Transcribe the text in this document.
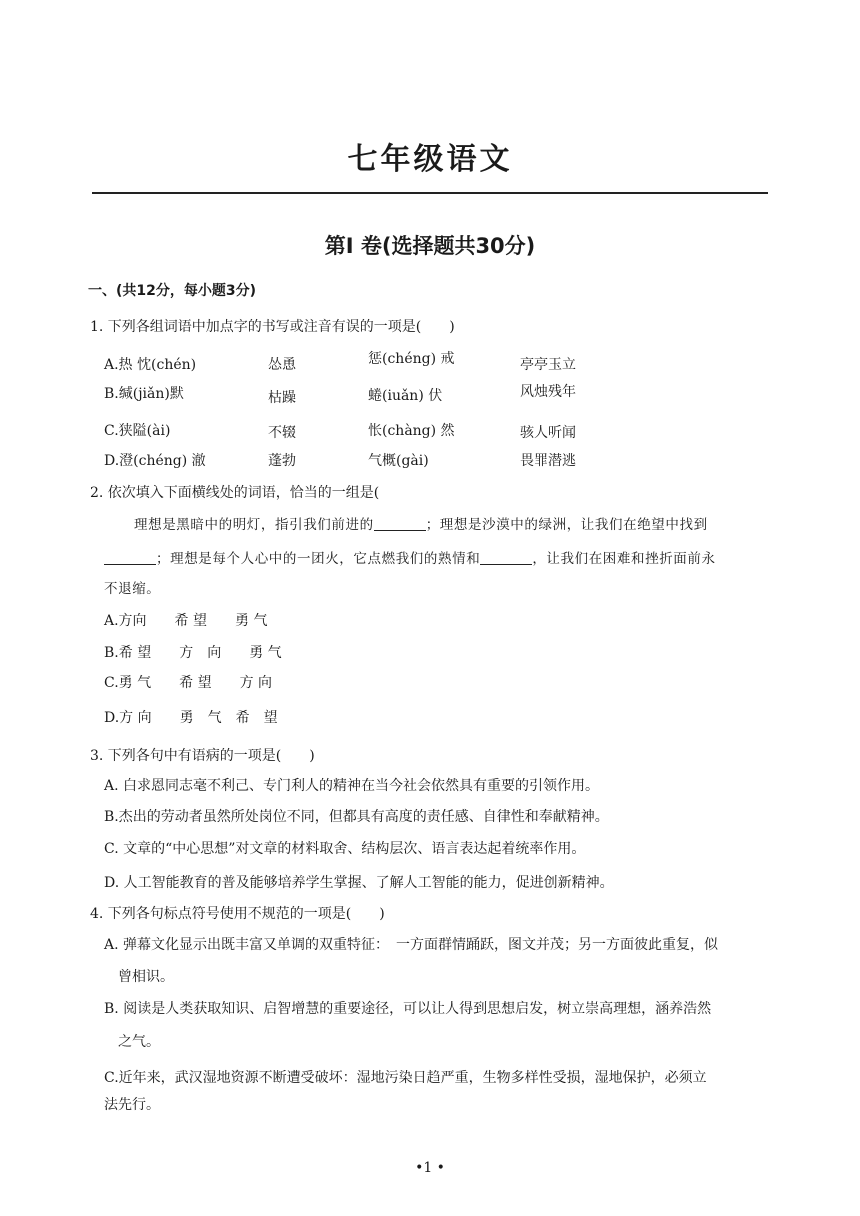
七年级语文
第I 卷(选择题共30分)
一、(共12分，每小题3分)
1. 下列各组词语中加点字的书写或注音有误的一项是(　　)
A.热 忱(chén)	怂恿	惩(chéng) 戒	亭亭玉立
B.缄(jiǎn)默	枯躁	蜷(iuǎn) 伏	风烛残年
C.狭隘(ài)	不辍	怅(chàng) 然	骇人听闻
D.澄(chéng) 澈	蓬勃	气概(gài)	畏罪潜逃
2. 依次填入下面横线处的词语，恰当的一组是(
理想是黑暗中的明灯，指引我们前进的	；理想是沙漠中的绿洲，让我们在绝望中找到
；理想是每个人心中的一团火，它点燃我们的熟情和	，让我们在困难和挫折面前永
不退缩。
A.方向　　希 望　　勇 气
B.希 望　　方　向　　勇 气
C.勇 气　　希 望　　方 向
D.方 向　　勇　气　希　望
3. 下列各句中有语病的一项是(　　)
A. 白求恩同志毫不利己、专门利人的精神在当今社会依然具有重要的引领作用。
B.杰出的劳动者虽然所处岗位不同，但都具有高度的责任感、自律性和奉献精神。
C. 文章的“中心思想”对文章的材料取舍、结构层次、语言表达起着统率作用。
D. 人工智能教育的普及能够培养学生掌握、了解人工智能的能力，促进创新精神。
4. 下列各句标点符号使用不规范的一项是(　　)
A. 弹幕文化显示出既丰富又单调的双重特征：　一方面群情踊跃，图文并茂；另一方面彼此重复，似
曾相识。
B. 阅读是人类获取知识、启智增慧的重要途径，可以让人得到思想启发，树立崇高理想，涵养浩然
之气。
C.近年来，武汉湿地资源不断遭受破坏：湿地污染日趋严重，生物多样性受损，湿地保护，必须立
法先行。
•1 •
